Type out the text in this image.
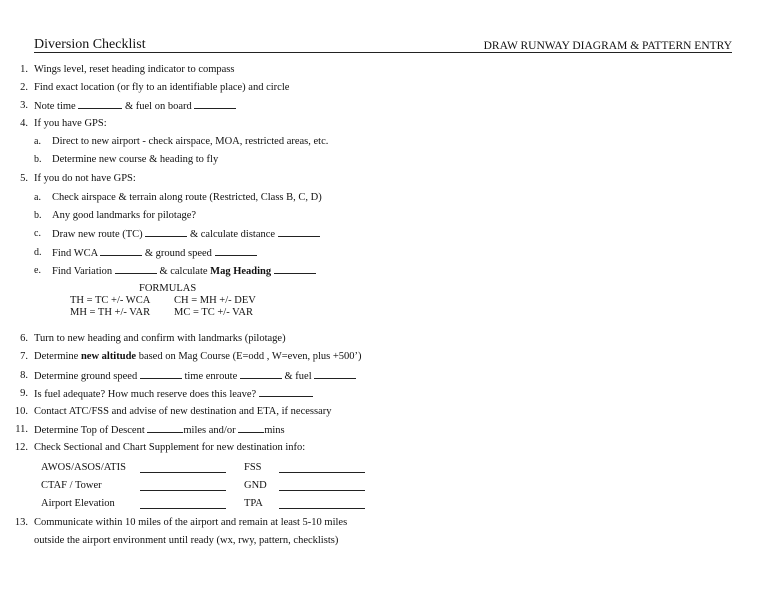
Diversion Checklist	DRAW RUNWAY DIAGRAM & PATTERN ENTRY
1. Wings level, reset heading indicator to compass
2. Find exact location (or fly to an identifiable place) and circle
3. Note time	& fuel on board
4. If you have GPS:
a.	Direct to new airport - check airspace, MOA, restricted areas, etc.
b.	Determine new course & heading to fly
5. If you do not have GPS:
a.	Check airspace & terrain along route (Restricted, Class B, C, D)
b.	Any good landmarks for pilotage?
c.	Draw new route (TC)	& calculate distance
d.	Find WCA	& ground speed
e.	Find Variation	& calculate Mag Heading
FORMULAS
TH = TC +/- WCA CH = MH +/- DEV
MH = TH +/- VAR MC = TC +/- VAR
6. Turn to new heading and confirm with landmarks (pilotage)
7. Determine new altitude based on Mag Course (E=odd , W=even, plus +500’)
8. Determine ground speed	time enroute	& fuel
9. Is fuel adequate? How much reserve does this leave?
10. Contact ATC/FSS and advise of new destination and ETA, if necessary
11. Determine Top of Descent	miles and/or	mins
12. Check Sectional and Chart Supplement for new destination info:
AWOS/ASOS/ATIS	FSS
CTAF / Tower	GND
Airport Elevation	TPA
13. Communicate within 10 miles of the airport and remain at least 5-10 miles
outside the airport environment until ready (wx, rwy, pattern, checklists)
